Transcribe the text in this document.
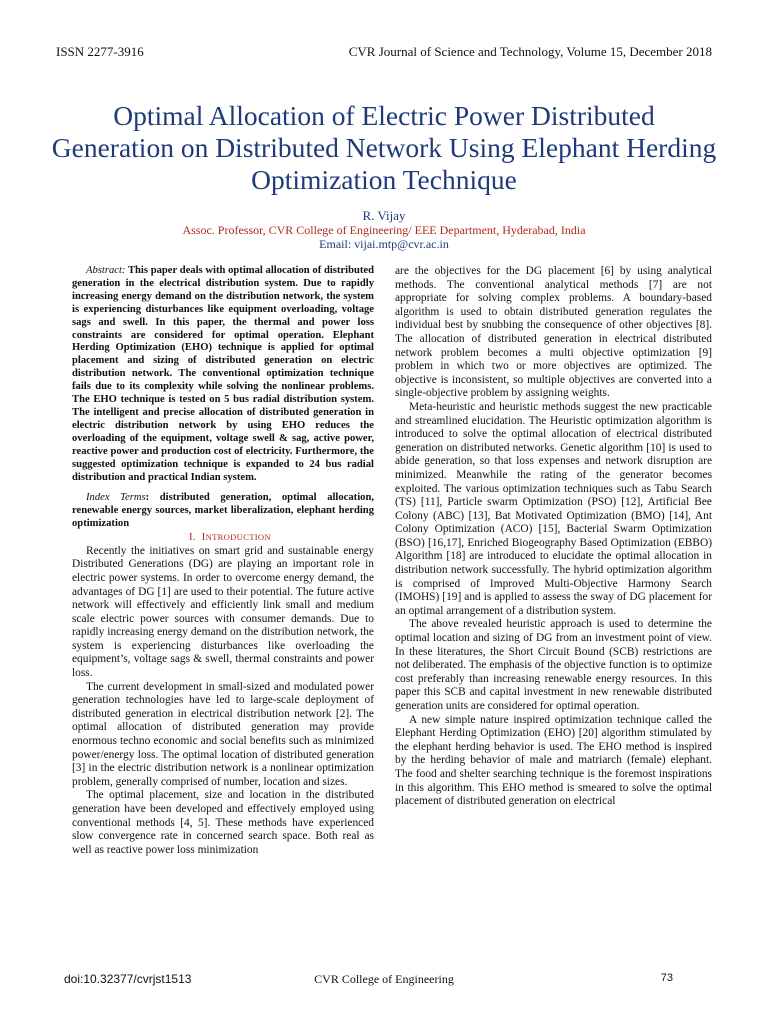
ISSN 2277-3916	CVR Journal of Science and Technology, Volume 15, December 2018
Optimal Allocation of Electric Power Distributed Generation on Distributed Network Using Elephant Herding Optimization Technique
R. Vijay
Assoc. Professor, CVR College of Engineering/ EEE Department, Hyderabad, India
Email: vijai.mtp@cvr.ac.in

Abstract: This paper deals with optimal allocation of distributed generation in the electrical distribution system. Due to rapidly increasing energy demand on the distribution network, the system is experiencing disturbances like equipment overloading, voltage sags and swell. In this paper, the thermal and power loss constraints are considered for optimal operation. Elephant Herding Optimization (EHO) technique is applied for optimal placement and sizing of distributed generation on electric distribution network. The conventional optimization technique fails due to its complexity while solving the nonlinear problems. The EHO technique is tested on 5 bus radial distribution system. The intelligent and precise allocation of distributed generation in electric distribution network by using EHO reduces the overloading of the equipment, voltage swell & sag, active power, reactive power and production cost of electricity. Furthermore, the suggested optimization technique is expanded to 24 bus radial distribution and practical Indian system.

Index Terms: distributed generation, optimal allocation, renewable energy sources, market liberalization, elephant herding optimization

I. INTRODUCTION

Recently the initiatives on smart grid and sustainable energy Distributed Generations (DG) are playing an important role in electric power systems. In order to overcome energy demand, the advantages of DG [1] are used to their potential. The future active network will effectively and efficiently link small and medium scale electric power sources with consumer demands. Due to rapidly increasing energy demand on the distribution network, the system is experiencing disturbances like overloading the equipment’s, voltage sags & swell, thermal constraints and power loss.

The current development in small-sized and modulated power generation technologies have led to large-scale deployment of distributed generation in electrical distribution network [2]. The optimal allocation of distributed generation may provide enormous techno economic and social benefits such as minimized power/energy loss. The optimal location of distributed generation [3] in the electric distribution network is a nonlinear optimization problem, generally comprised of number, location and sizes.

The optimal placement, size and location in the distributed generation have been developed and effectively employed using conventional methods [4, 5]. These methods have experienced slow convergence rate in concerned search space. Both real as well as reactive power loss minimization

are the objectives for the DG placement [6] by using analytical methods. The conventional analytical methods [7] are not appropriate for solving complex problems. A boundary-based algorithm is used to obtain distributed generation regulates the individual best by snubbing the consequence of other objectives [8]. The allocation of distributed generation in electrical distributed network problem becomes a multi objective optimization [9] problem in which two or more objectives are optimized. The objective is inconsistent, so multiple objectives are converted into a single-objective problem by assigning weights.

Meta-heuristic and heuristic methods suggest the new practicable and streamlined elucidation. The Heuristic optimization algorithm is introduced to solve the optimal allocation of electrical distributed generation on distributed networks. Genetic algorithm [10] is used to abide generation, so that loss expenses and network disruption are minimized. Meanwhile the rating of the generator becomes exploited. The various optimization techniques such as Tabu Search (TS) [11], Particle swarm Optimization (PSO) [12], Artificial Bee Colony (ABC) [13], Bat Motivated Optimization (BMO) [14], Ant Colony Optimization (ACO) [15], Bacterial Swarm Optimization (BSO) [16,17], Enriched Biogeography Based Optimization (EBBO) Algorithm [18] are introduced to elucidate the optimal allocation in distribution network successfully. The hybrid optimization algorithm is comprised of Improved Multi-Objective Harmony Search (IMOHS) [19] and is applied to assess the sway of DG placement for an optimal arrangement of a distribution system.

The above revealed heuristic approach is used to determine the optimal location and sizing of DG from an investment point of view. In these literatures, the Short Circuit Bound (SCB) restrictions are not deliberated. The emphasis of the objective function is to optimize cost preferably than increasing renewable energy resources. In this paper this SCB and capital investment in new renewable distributed generation units are considered for optimal operation.

A new simple nature inspired optimization technique called the Elephant Herding Optimization (EHO) [20] algorithm stimulated by the elephant herding behavior is used. The EHO method is inspired by the herding behavior of male and matriarch (female) elephant. The food and shelter searching technique is the foremost inspirations in this algorithm. This EHO method is smeared to solve the optimal placement of distributed generation on electrical

doi:10.32377/cvrjst1513	CVR College of Engineering	73
